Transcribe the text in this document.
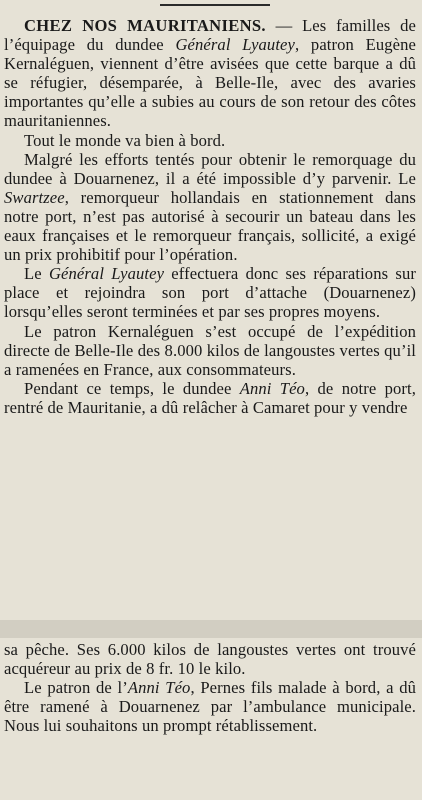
CHEZ NOS MAURITANIENS. — Les familles de l’équipage du dundee Général Lyautey, patron Eugène Kernaléguen, viennent d’être avisées que cette barque a dû se réfugier, désemparée, à Belle-Ile, avec des avaries importantes qu’elle a subies au cours de son retour des côtes mauritaniennes.

Tout le monde va bien à bord.

Malgré les efforts tentés pour obtenir le remorquage du dundee à Douarnenez, il a été impossible d’y parvenir. Le Swartzee, remorqueur hollandais en stationnement dans notre port, n’est pas autorisé à secourir un bateau dans les eaux françaises et le remorqueur français, sollicité, a exigé un prix prohibitif pour l’opération.

Le Général Lyautey effectuera donc ses réparations sur place et rejoindra son port d’attache (Douarnenez) lorsqu’elles seront terminées et par ses propres moyens.

Le patron Kernaléguen s’est occupé de l’expédition directe de Belle-Ile des 8.000 kilos de langoustes vertes qu’il a ramenées en France, aux consommateurs.

Pendant ce temps, le dundee Anni Téo, de notre port, rentré de Mauritanie, a dû relâcher à Camaret pour y vendre

sa pêche. Ses 6.000 kilos de langoustes vertes ont trouvé acquéreur au prix de 8 fr. 10 le kilo.

Le patron de l’Anni Téo, Pernes fils malade à bord, a dû être ramené à Douarnenez par l’ambulance municipale. Nous lui souhaitons un prompt rétablissement.
